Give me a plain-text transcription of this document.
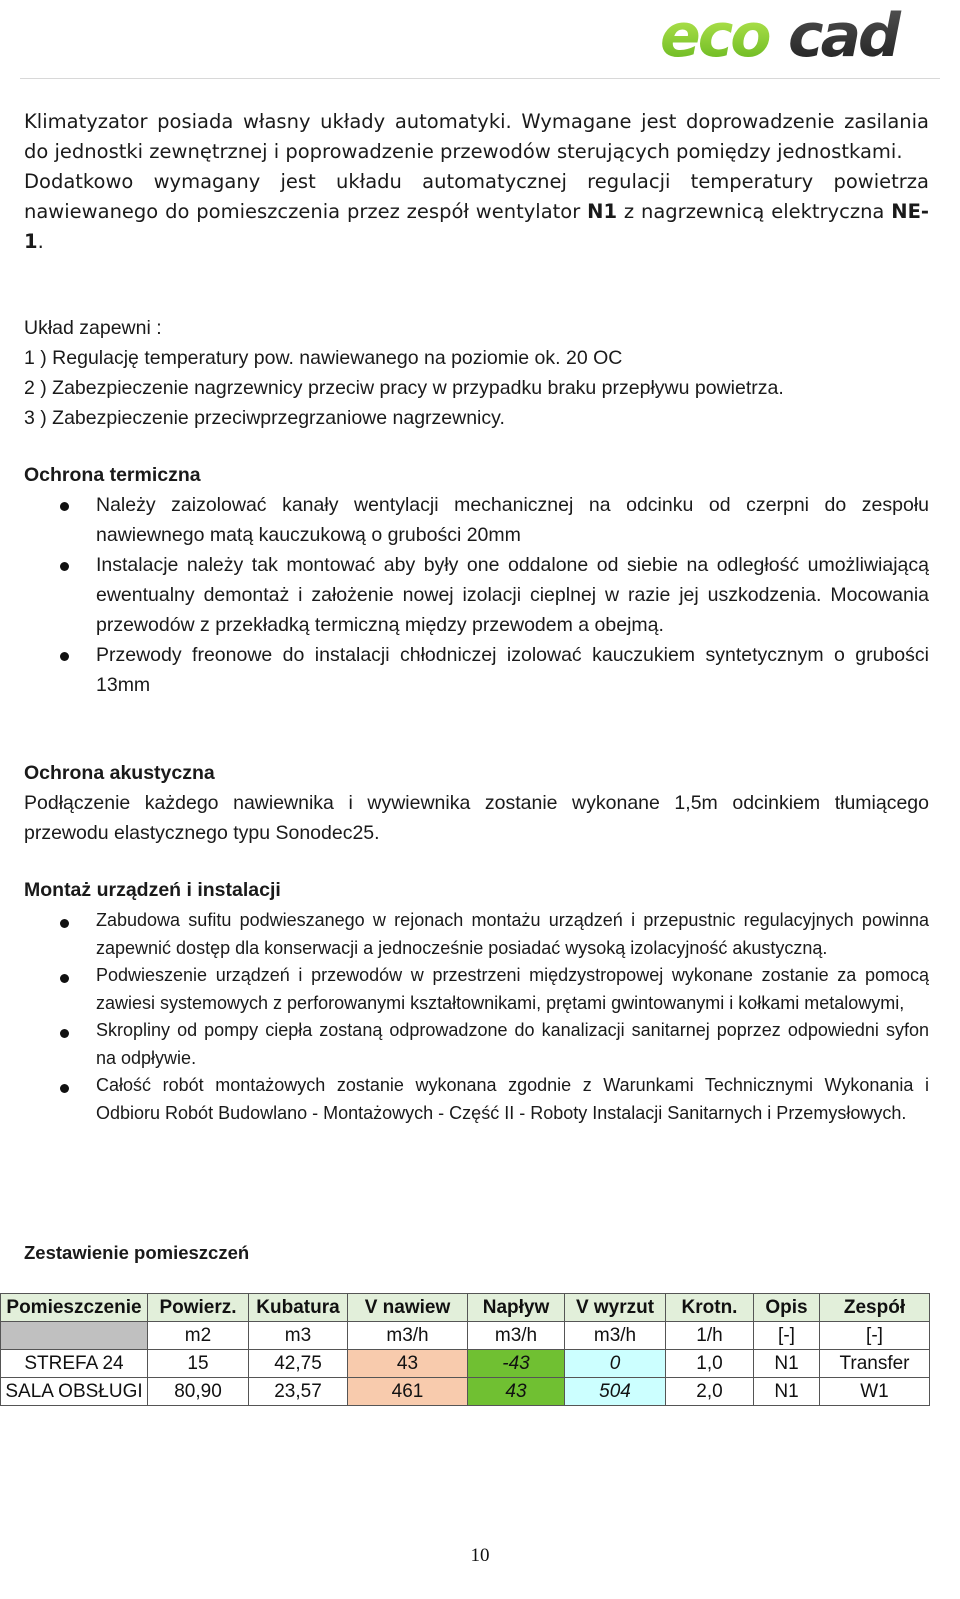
eco cad

Klimatyzator posiada własny układy automatyki. Wymagane jest doprowadzenie zasilania do jednostki zewnętrznej i poprowadzenie przewodów sterujących pomiędzy jednostkami.

Dodatkowo wymagany jest układu automatycznej regulacji temperatury powietrza nawiewanego do pomieszczenia przez zespół wentylator N1 z nagrzewnicą elektryczna NE-1.

Układ zapewni :

1 ) Regulację temperatury pow. nawiewanego na poziomie ok. 20 OC

2 ) Zabezpieczenie nagrzewnicy przeciw pracy w przypadku braku przepływu powietrza.

3 ) Zabezpieczenie przeciwprzegrzaniowe nagrzewnicy.

Ochrona termiczna

Należy zaizolować kanały wentylacji mechanicznej na odcinku od czerpni do zespołu nawiewnego matą kauczukową o grubości 20mm
Instalacje należy tak montować aby były one oddalone od siebie na odległość umożliwiającą ewentualny demontaż i założenie nowej izolacji cieplnej w razie jej uszkodzenia. Mocowania przewodów z przekładką termiczną między przewodem a obejmą.
Przewody freonowe do instalacji chłodniczej izolować kauczukiem syntetycznym o grubości 13mm

Ochrona akustyczna

Podłączenie każdego nawiewnika i wywiewnika zostanie wykonane 1,5m odcinkiem tłumiącego przewodu elastycznego typu Sonodec25.

Montaż urządzeń i instalacji

Zabudowa sufitu podwieszanego w rejonach montażu urządzeń i przepustnic regulacyjnych powinna zapewnić dostęp dla konserwacji a jednocześnie posiadać wysoką izolacyjność akustyczną.
Podwieszenie urządzeń i przewodów w przestrzeni międzystropowej wykonane zostanie za pomocą zawiesi systemowych z perforowanymi kształtownikami, prętami gwintowanymi i kołkami metalowymi,
Skropliny od pompy ciepła zostaną odprowadzone do kanalizacji sanitarnej poprzez odpowiedni syfon na odpływie.
Całość robót montażowych zostanie wykonana zgodnie z Warunkami Technicznymi Wykonania i Odbioru Robót Budowlano - Montażowych - Część II - Roboty Instalacji Sanitarnych i Przemysłowych.

Zestawienie pomieszczeń

Pomieszczenie	Powierz.	Kubatura	V nawiew	Napływ	V wyrzut	Krotn.	Opis	Zespół
	m2	m3	m3/h	m3/h	m3/h	1/h	[-]	[-]
STREFA 24	15	42,75	43	-43	0	1,0	N1	Transfer
SALA OBSŁUGI	80,90	23,57	461	43	504	2,0	N1	W1
10
